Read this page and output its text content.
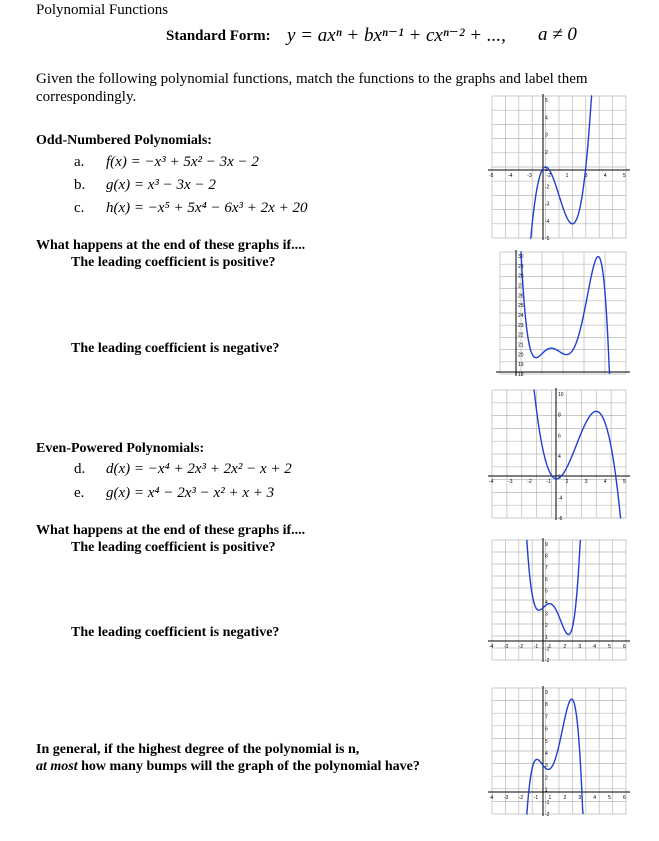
Polynomial Functions
Standard Form: y = axⁿ + bxⁿ⁻¹ + cxⁿ⁻² + ..., a ≠ 0
Given the following polynomial functions, match the functions to the graphs and label them correspondingly.
Odd-Numbered Polynomials:
a. f(x) = −x³ + 5x² − 3x − 2
b. g(x) = x³ − 3x − 2
c. h(x) = −x⁵ + 5x⁴ − 6x³ + 2x + 20
What happens at the end of these graphs if....
The leading coefficient is positive?
The leading coefficient is negative?
Even-Powered Polynomials:
d. d(x) = −x⁴ + 2x³ + 2x² − x + 2
e. g(x) = x⁴ − 2x³ − x² + x + 3
What happens at the end of these graphs if....
The leading coefficient is positive?
The leading coefficient is negative?
In general, if the highest degree of the polynomial is n,
at most how many bumps will the graph of the polynomial have?
5
4
3
2
1
-2
-3
-4
-5
-5	-4	-3	-2	1	3	4	5
30
29
28
27
26
25
24
23
22
21
20
19
18
10
8
6
4
2
-4
-6
-4	-3	-2	-1	2	3	4	5
9
8
7
6
5
4
3
2
1
-1
-2
-4 -3 -2 -1 1 2 3 4 5 6
9
8
7
6
5
4
3
2
1
-1
-2
-4 -3 -2 -1 1 2 3 4 5 6
